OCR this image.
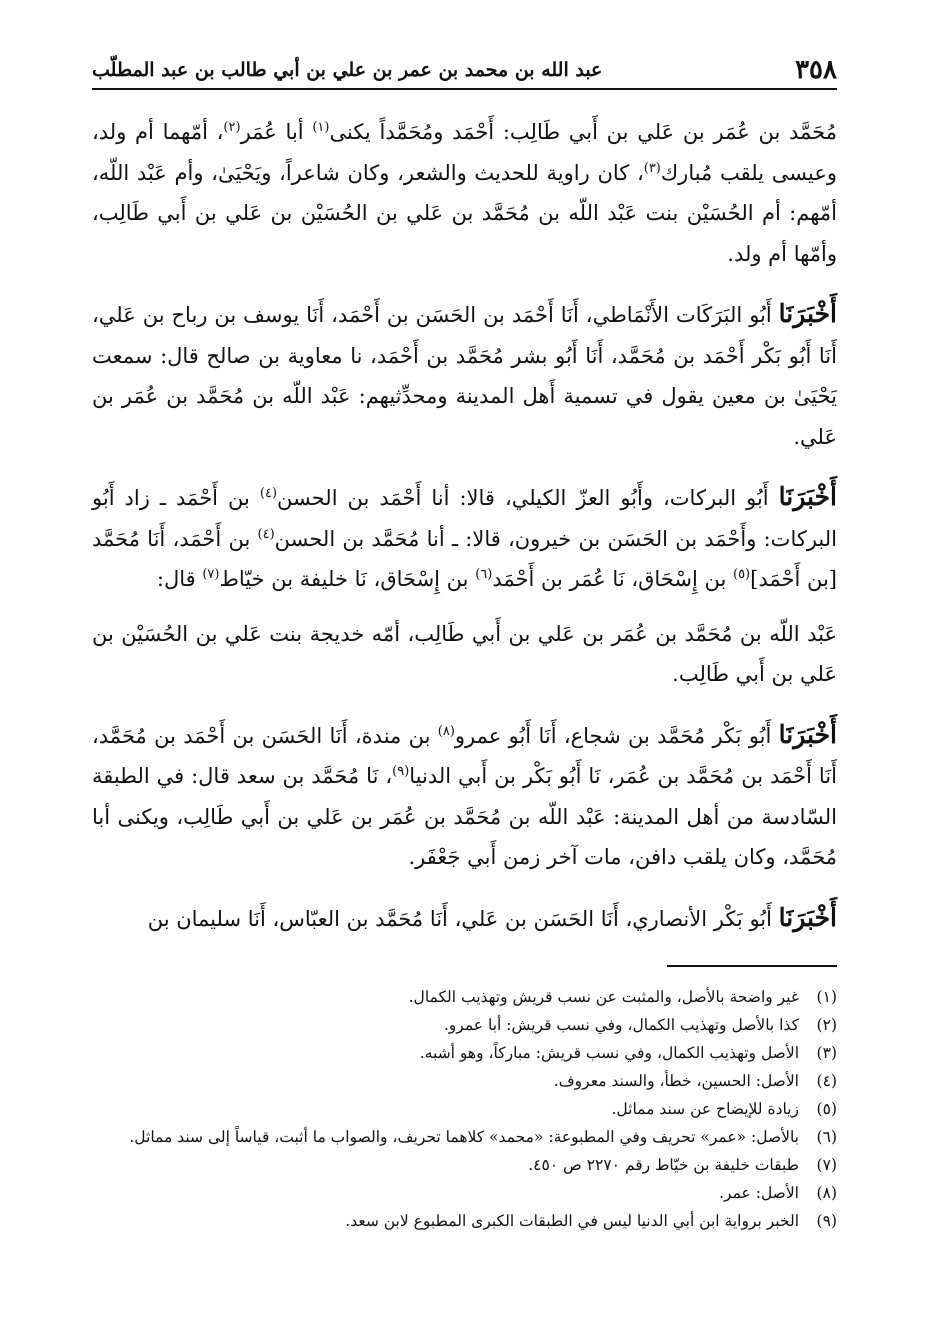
٣٥٨
عبد الله بن محمد بن عمر بن علي بن أبي طالب بن عبد المطلّب

مُحَمَّد بن عُمَر بن عَلي بن أَبي طَالِب: أَحْمَد ومُحَمَّداً يكنى$^{(١)}$ أبا عُمَر$^{(٢)}$، أمّهما أم ولد، وعيسى يلقب مُبارك$^{(٣)}$، كان راوية للحديث والشعر، وكان شاعراً، ويَحْيَىٰ، وأم عَبْد اللّه، أمّهم: أم الحُسَيْن بنت عَبْد اللّه بن مُحَمَّد بن عَلي بن الحُسَيْن بن عَلي بن أَبي طَالِب، وأمّها أم ولد.

أَخْبَرَنَا أَبُو البَرَكَات الأَنْمَاطي، أَنَا أَحْمَد بن الحَسَن بن أَحْمَد، أَنَا يوسف بن رباح بن عَلي، أَنَا أَبُو بَكْر أَحْمَد بن مُحَمَّد، أَنَا أَبُو بشر مُحَمَّد بن أَحْمَد، نا معاوية بن صالح قال: سمعت يَحْيَىٰ بن معين يقول في تسمية أَهل المدينة ومحدِّثيهم: عَبْد اللّه بن مُحَمَّد بن عُمَر بن عَلي.

أَخْبَرَنَا أَبُو البركات، وأَبُو العزّ الكيلي، قالا: أنا أَحْمَد بن الحسن$^{(٤)}$ بن أَحْمَد ـ زاد أَبُو البركات: وأَحْمَد بن الحَسَن بن خيرون، قالا: ـ أنا مُحَمَّد بن الحسن$^{(٤)}$ بن أَحْمَد، أَنَا مُحَمَّد [بن أَحْمَد]$^{(٥)}$ بن إِسْحَاق، نَا عُمَر بن أَحْمَد$^{(٦)}$ بن إِسْحَاق، نَا خليفة بن خيّاط$^{(٧)}$ قال:

عَبْد اللّه بن مُحَمَّد بن عُمَر بن عَلي بن أَبي طَالِب، أمّه خديجة بنت عَلي بن الحُسَيْن بن عَلي بن أَبي طَالِب.

أَخْبَرَنَا أَبُو بَكْر مُحَمَّد بن شجاع، أَنَا أَبُو عمرو$^{(٨)}$ بن مندة، أَنَا الحَسَن بن أَحْمَد بن مُحَمَّد، أَنَا أَحْمَد بن مُحَمَّد بن عُمَر، نَا أَبُو بَكْر بن أَبي الدنيا$^{(٩)}$، نَا مُحَمَّد بن سعد قال: في الطبقة السّادسة من أهل المدينة: عَبْد اللّه بن مُحَمَّد بن عُمَر بن عَلي بن أَبي طَالِب، ويكنى أبا مُحَمَّد، وكان يلقب دافن، مات آخر زمن أَبي جَعْفَر.

أَخْبَرَنَا أَبُو بَكْر الأنصاري، أَنَا الحَسَن بن عَلي، أَنَا مُحَمَّد بن العبّاس، أَنَا سليمان بن

(١)
غير واضحة بالأصل، والمثبت عن نسب قريش وتهذيب الكمال.
(٢)
كذا بالأصل وتهذيب الكمال، وفي نسب قريش: أبا عمرو.
(٣)
الأصل وتهذيب الكمال، وفي نسب قريش: مباركاً، وهو أشبه.
(٤)
الأصل: الحسين، خطأ، والسند معروف.
(٥)
زيادة للإيضاح عن سند مماثل.
(٦)
بالأصل: «عمر» تحريف وفي المطبوعة: «محمد» كلاهما تحريف، والصواب ما أثبت، قياساً إلى سند مماثل.
(٧)
طبقات خليفة بن خيّاط رقم ٢٢٧٠ ص ٤٥٠.
(٨)
الأصل: عمر.
(٩)
الخبر برواية ابن أبي الدنيا ليس في الطبقات الكبرى المطبوع لابن سعد.
